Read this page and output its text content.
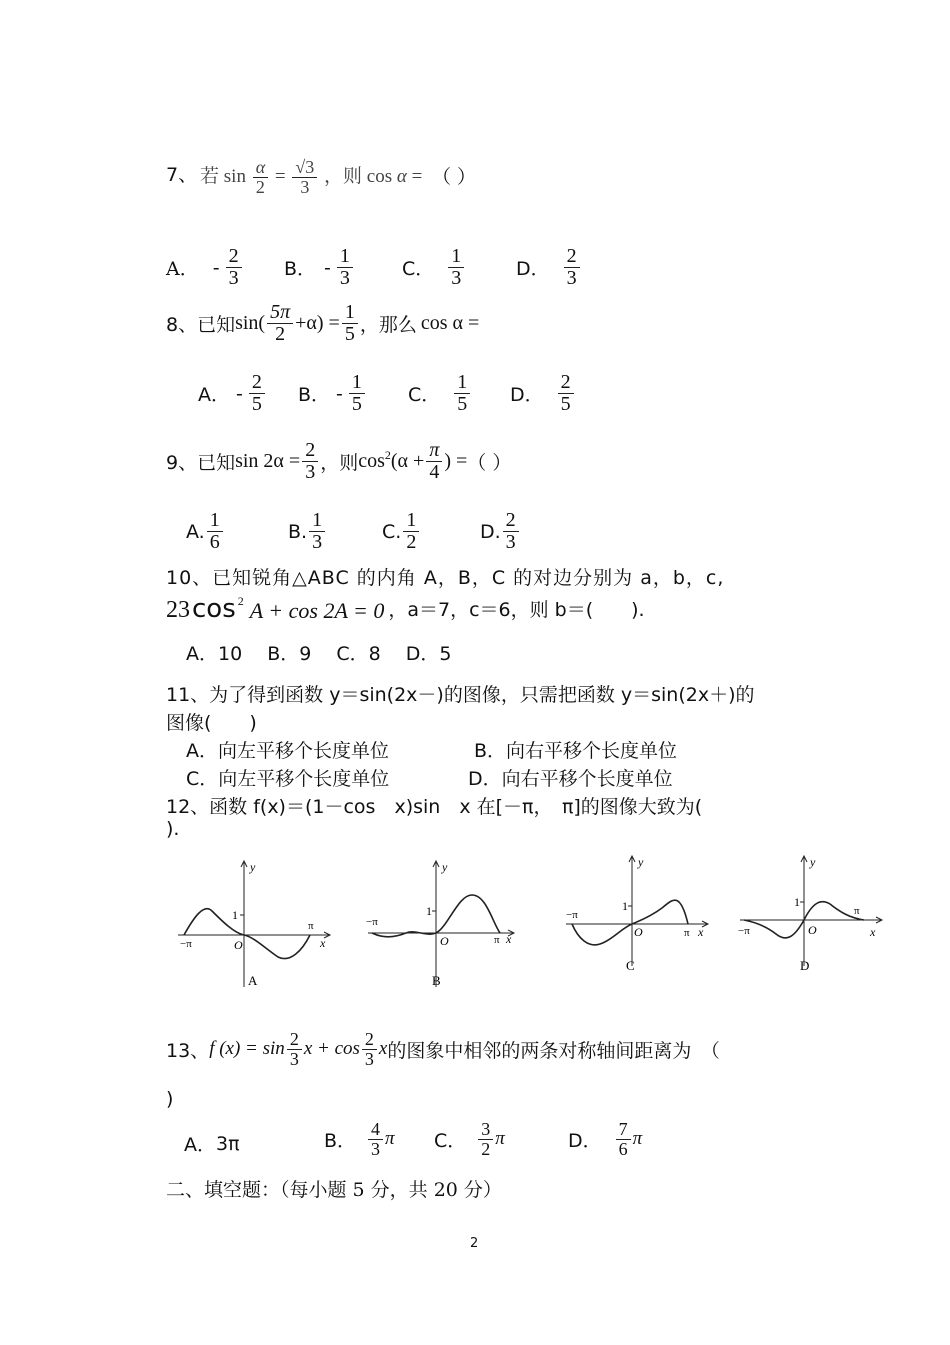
7、 若 $\sin \frac{\alpha}{2} = \frac{√3}{3}$ ，则 cos α = （ ）
A． - $\frac{2}{3}$ B． - $\frac{1}{3}$	C． $\frac{1}{3}$	D． $\frac{2}{3}$
8、已知 $\sin( \frac{5\pi}{2} +\alpha) = \frac{1}{5}$ ，那么 cos α =
A． - $\frac{2}{5}$ B． - $\frac{1}{5}$ C． $\frac{1}{5}$ D． $\frac{2}{5}$
9、已知 $\sin 2\alpha = \frac{2}{3}$ ，则 $\cos^2 (\alpha + \frac{\pi}{4}$ ) = （ ）
A. $\frac{1}{6}$	B. $\frac{1}{3}$	C. $\frac{1}{2}$	D. $\frac{2}{3}$
10、已知锐角△ABC 的内角 A，B，C 的对边分别为 a，b，c,
23 $\cos^2 A + \cos 2A = 0$ ，a＝7，c＝6，则 b＝(　　).
A．10　 B．9　 C．8　 D．5
11、为了得到函数 y＝sin(2x－)的图像，只需把函数 y＝sin(2x＋)的
图像(　　)
A．向左平移个长度单位	B．向右平移个长度单位
C．向左平移个长度单位	D．向右平移个长度单位
12、函数 f(x)＝(1－cos　x)sin　x 在[－π，　π]的图像大致为(
).
y
1
O	x
−π
π
A
y
1
O	x
−π
π
B
y
1
O	x
−π
π
C
y
1
O	x
−π
π
D
13、 f $(x) = \sin \frac{2}{3}$ $x + \cos \frac{2}{3}$ x 的图象中相邻的两条对称轴间距离为　（
)
A． 3π	B． $\frac{4}{3}$ π C． $\frac{3}{2}$ π	D． $\frac{7}{6}$ π
二、填空题：（每小题 5 分，共 20 分）
2
